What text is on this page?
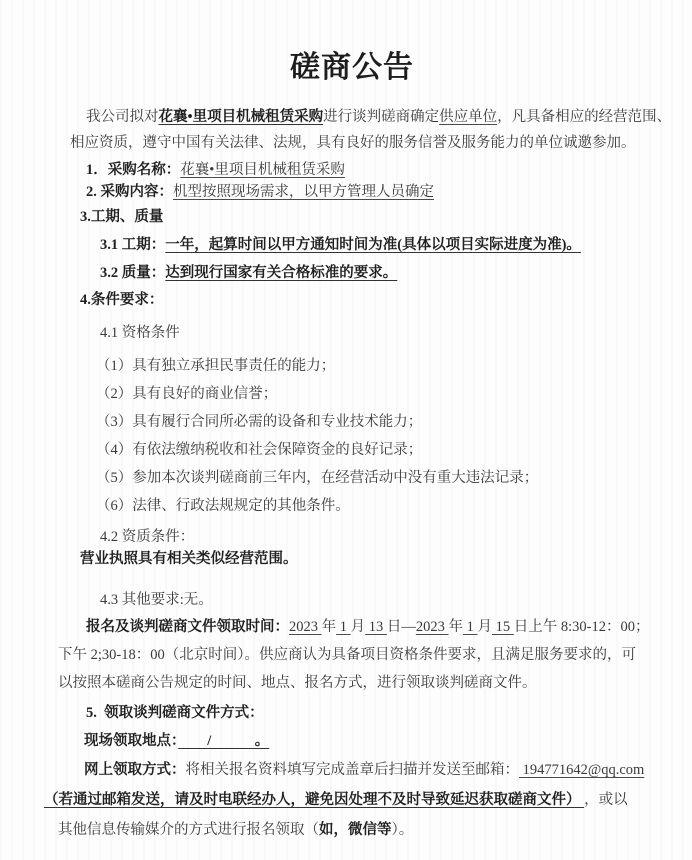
磋商公告

我公司拟对花襄•里项目机械租赁采购进行谈判磋商确定供应单位，凡具备相应的经营范围、

相应资质，遵守中国有关法律、法规，具有良好的服务信誉及服务能力的单位诚邀参加。

1．采购名称：花襄•里项目机械租赁采购

2. 采购内容：机型按照现场需求，以甲方管理人员确定

3.工期、质量

3.1 工期：一年，起算时间以甲方通知时间为准(具体以项目实际进度为准)。

3.2 质量：达到现行国家有关合格标准的要求。

4.条件要求：

4.1 资格条件

（1）具有独立承担民事责任的能力；

（2）具有良好的商业信誉；

（3）具有履行合同所必需的设备和专业技术能力；

（4）有依法缴纳税收和社会保障资金的良好记录；

（5）参加本次谈判磋商前三年内，在经营活动中没有重大违法记录；

（6）法律、行政法规规定的其他条件。

4.2 资质条件：

营业执照具有相关类似经营范围。

4.3 其他要求:无。

报名及谈判磋商文件领取时间：2023 年 1 月 13 日—2023 年 1 月 15 日上午 8:30-12：00；

下午 2;30-18：00（北京时间）。供应商认为具备项目资格条件要求，且满足服务要求的，可

以按照本磋商公告规定的时间、地点、报名方式，进行领取谈判磋商文件。

5.  领取谈判磋商文件方式：

现场领取地点：　　/　　　。

网上领取方式：将相关报名资料填写完成盖章后扫描并发送至邮箱： 194771642@qq.com

（若通过邮箱发送，请及时电联经办人，避免因处理不及时导致延迟获取磋商文件） ，或以

其他信息传输媒介的方式进行报名领取（如，微信等）。
